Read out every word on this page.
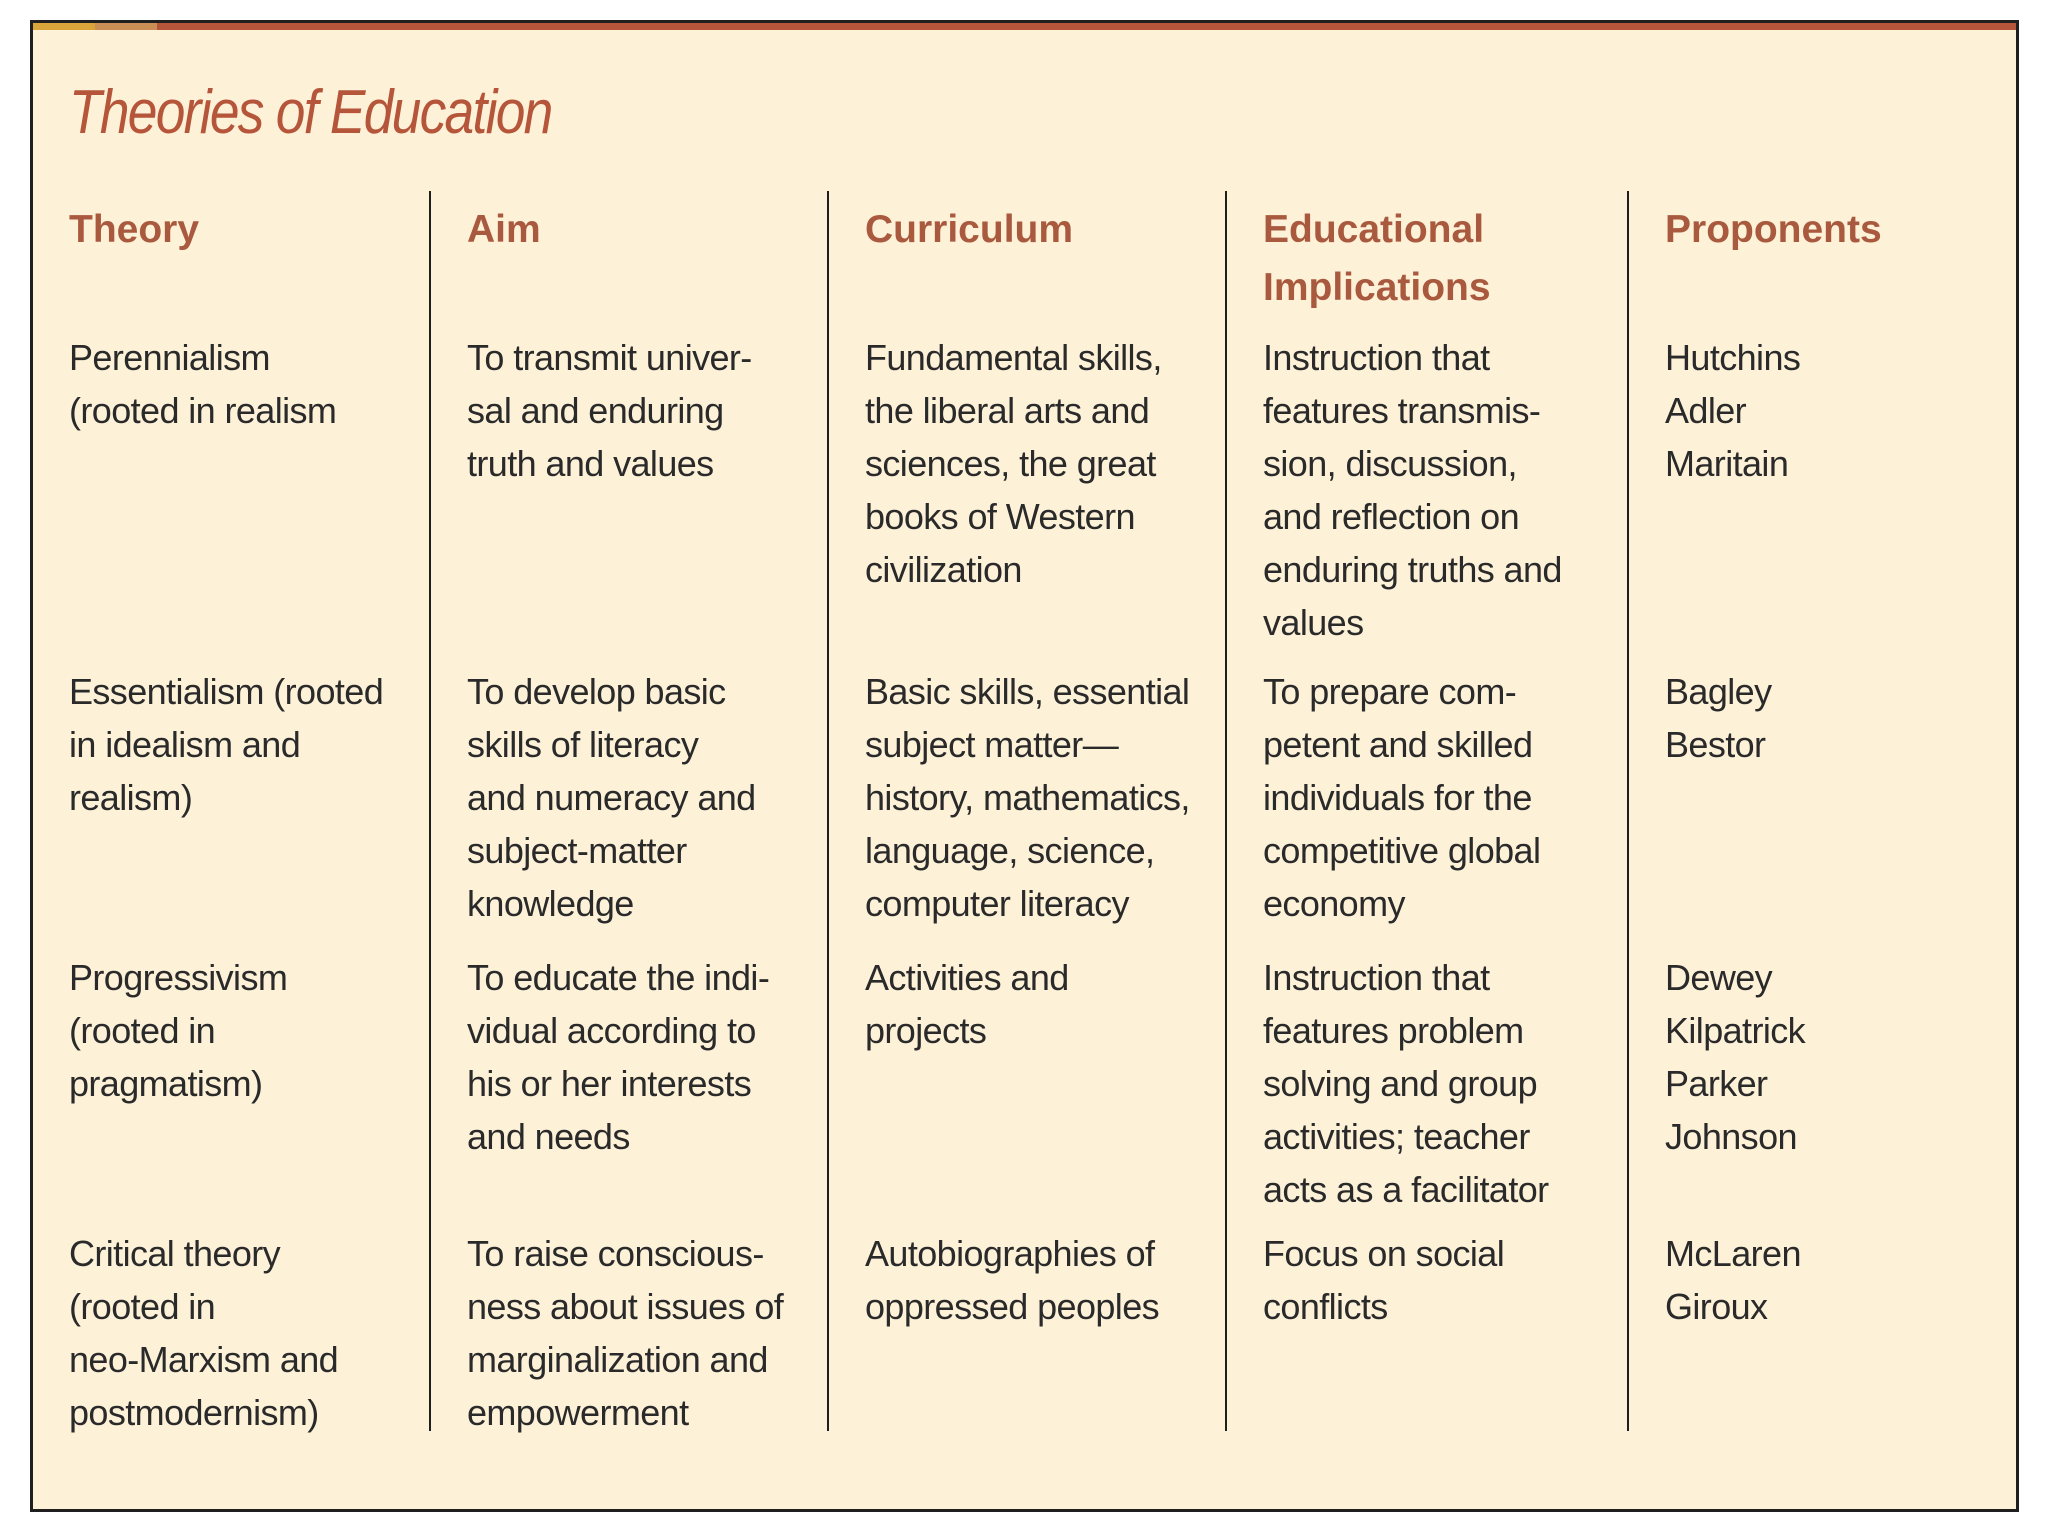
Theories of Education
Theory
Perennialism
(rooted in realism
Essentialism (rooted
in idealism and
realism)
Progressivism
(rooted in
pragmatism)
Critical theory
(rooted in
neo-Marxism and
postmodernism)
Aim
To transmit univer-
sal and enduring
truth and values
To develop basic
skills of literacy
and numeracy and
subject-matter
knowledge
To educate the indi-
vidual according to
his or her interests
and needs
To raise conscious-
ness about issues of
marginalization and
empowerment
Curriculum
Fundamental skills,
the liberal arts and
sciences, the great
books of Western
civilization
Basic skills, essential
subject matter—
history, mathematics,
language, science,
computer literacy
Activities and
projects
Autobiographies of
oppressed peoples
Educational
Implications
Instruction that
features transmis-
sion, discussion,
and reflection on
enduring truths and
values
To prepare com-
petent and skilled
individuals for the
competitive global
economy
Instruction that
features problem
solving and group
activities; teacher
acts as a facilitator
Focus on social
conflicts
Proponents
Hutchins
Adler
Maritain
Bagley
Bestor
Dewey
Kilpatrick
Parker
Johnson
McLaren
Giroux
